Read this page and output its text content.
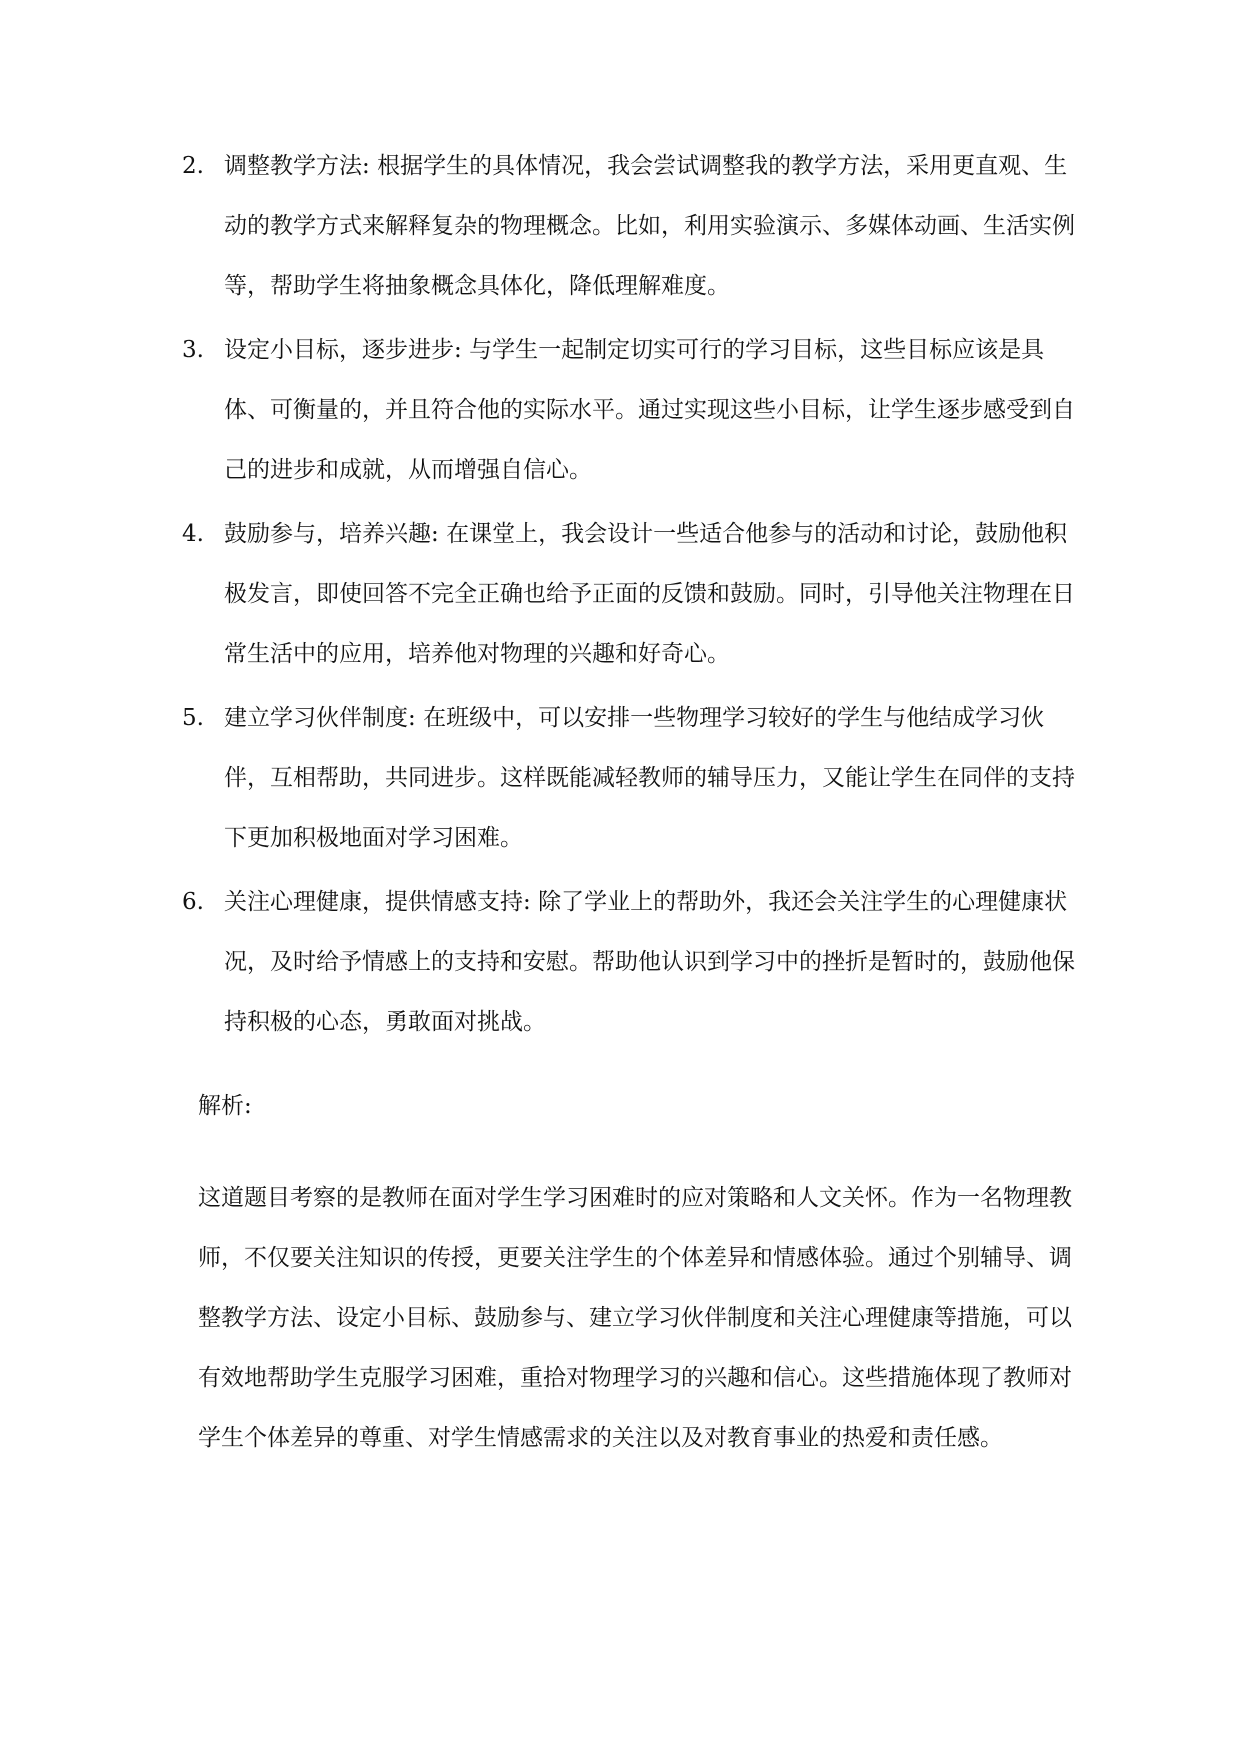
2. 调整教学方法: 根据学生的具体情况，我会尝试调整我的教学方法，采用更直观、生动的教学方式来解释复杂的物理概念。比如，利用实验演示、多媒体动画、生活实例等，帮助学生将抽象概念具体化，降低理解难度。
3. 设定小目标，逐步进步: 与学生一起制定切实可行的学习目标，这些目标应该是具体、可衡量的，并且符合他的实际水平。通过实现这些小目标，让学生逐步感受到自己的进步和成就，从而增强自信心。
4. 鼓励参与，培养兴趣: 在课堂上，我会设计一些适合他参与的活动和讨论，鼓励他积极发言，即使回答不完全正确也给予正面的反馈和鼓励。同时，引导他关注物理在日常生活中的应用，培养他对物理的兴趣和好奇心。
5. 建立学习伙伴制度: 在班级中，可以安排一些物理学习较好的学生与他结成学习伙伴，互相帮助，共同进步。这样既能减轻教师的辅导压力，又能让学生在同伴的支持下更加积极地面对学习困难。
6. 关注心理健康，提供情感支持: 除了学业上的帮助外，我还会关注学生的心理健康状况，及时给予情感上的支持和安慰。帮助他认识到学习中的挫折是暂时的，鼓励他保持积极的心态，勇敢面对挑战。
解析:

这道题目考察的是教师在面对学生学习困难时的应对策略和人文关怀。作为一名物理教师，不仅要关注知识的传授，更要关注学生的个体差异和情感体验。通过个别辅导、调整教学方法、设定小目标、鼓励参与、建立学习伙伴制度和关注心理健康等措施，可以有效地帮助学生克服学习困难，重拾对物理学习的兴趣和信心。这些措施体现了教师对学生个体差异的尊重、对学生情感需求的关注以及对教育事业的热爱和责任感。
